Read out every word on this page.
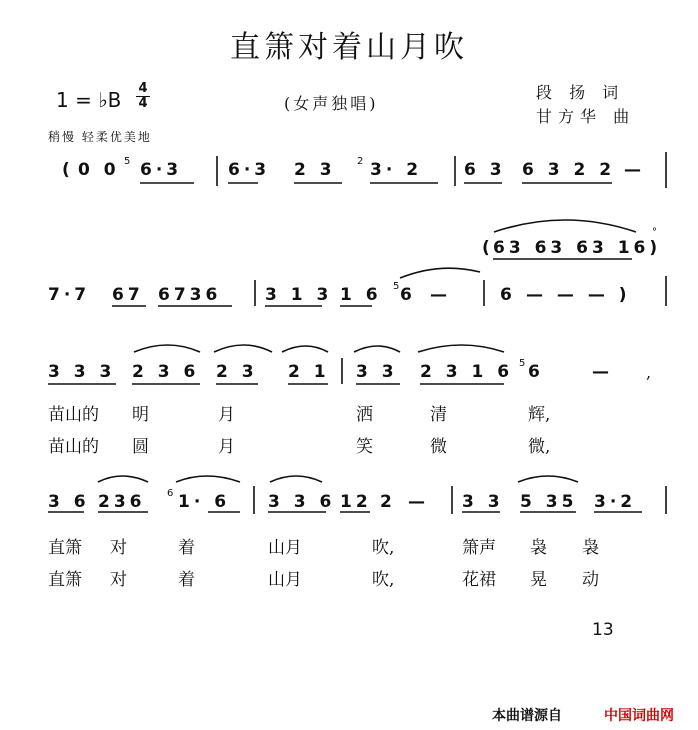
直箫对着山月吹
1 = ♭B 4
4	(女声独唱)
段 扬 词
甘方华 曲
稍慢 轻柔优美地
( 0 0 6·3	6·3 2 3 3· 2 6 3 6 3 2 2 —
( 63 63 63 16)
7·7 67 6736	3 1 3 1 6 6 —	6 — — — )
3 3 3 2 3 6 2 3 2 1 3 3 2 3 1 6 6	—
3 6 236 1· 6 3 3 6 12 2 — 3 3 5 35 3·2
苗山的 明	月	洒	清	辉,
苗山的 圆	月	笑	微	微,
直箫 对	着	山月	吹,	箫声 袅 袅
直箫 对	着	山月	吹,	花裙 晃 动
5	2
5
5
6
°
,
13
本曲谱源自	中国词曲网
